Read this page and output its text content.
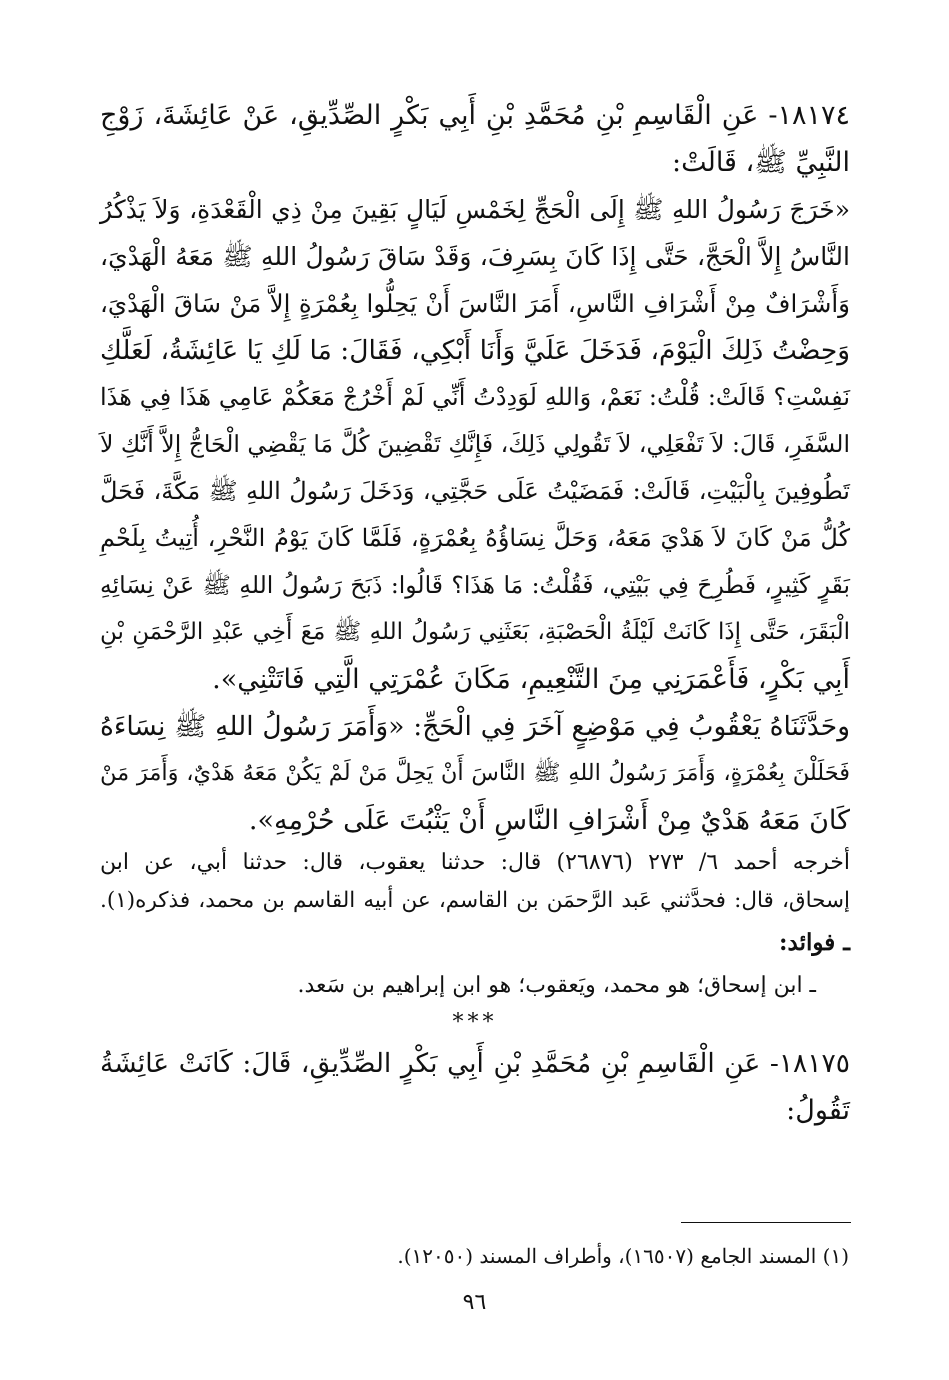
١٨١٧٤- عَنِ الْقَاسِمِ بْنِ مُحَمَّدِ بْنِ أَبِي بَكْرٍ الصِّدِّيقِ، عَنْ عَائِشَةَ، زَوْجِ
النَّبِيِّ ﷺ، قَالَتْ:
«خَرَجَ رَسُولُ اللهِ ﷺ إِلَى الْحَجِّ لِخَمْسِ لَيَالٍ بَقِينَ مِنْ ذِي الْقَعْدَةِ، وَلاَ يَذْكُرُ
النَّاسُ إِلاَّ الْحَجَّ، حَتَّى إِذَا كَانَ بِسَرِفَ، وَقَدْ سَاقَ رَسُولُ اللهِ ﷺ مَعَهُ الْهَدْيَ،
وَأَشْرَافٌ مِنْ أَشْرَافِ النَّاسِ، أَمَرَ النَّاسَ أَنْ يَحِلُّوا بِعُمْرَةٍ إِلاَّ مَنْ سَاقَ الْهَدْيَ،
وَحِضْتُ ذَلِكَ الْيَوْمَ، فَدَخَلَ عَلَيَّ وَأَنَا أَبْكِي، فَقَالَ: مَا لَكِ يَا عَائِشَةُ، لَعَلَّكِ
نَفِسْتِ؟ قَالَتْ: قُلْتُ: نَعَمْ، وَاللهِ لَوَدِدْتُ أَنِّي لَمْ أَخْرُجْ مَعَكُمْ عَامِي هَذَا فِي هَذَا
السَّفَرِ، قَالَ: لاَ تَفْعَلِي، لاَ تَقُولِي ذَلِكَ، فَإِنَّكِ تَقْضِينَ كُلَّ مَا يَقْضِي الْحَاجُّ إِلاَّ أَنَّكِ لاَ
تَطُوفِينَ بِالْبَيْتِ، قَالَتْ: فَمَضَيْتُ عَلَى حَجَّتِي، وَدَخَلَ رَسُولُ اللهِ ﷺ مَكَّةَ، فَحَلَّ
كُلُّ مَنْ كَانَ لاَ هَدْيَ مَعَهُ، وَحَلَّ نِسَاؤُهُ بِعُمْرَةٍ، فَلَمَّا كَانَ يَوْمُ النَّحْرِ، أُتِيتُ بِلَحْمِ
بَقَرٍ كَثِيرٍ، فَطُرِحَ فِي بَيْتِي، فَقُلْتُ: مَا هَذَا؟ قَالُوا: ذَبَحَ رَسُولُ اللهِ ﷺ عَنْ نِسَائِهِ
الْبَقَرَ، حَتَّى إِذَا كَانَتْ لَيْلَةُ الْحَصْبَةِ، بَعَثَنِي رَسُولُ اللهِ ﷺ مَعَ أَخِي عَبْدِ الرَّحْمَنِ بْنِ
أَبِي بَكْرٍ، فَأَعْمَرَنِي مِنَ التَّنْعِيمِ، مَكَانَ عُمْرَتِي الَّتِي فَاتَتْنِي».
وحَدَّثَنَاهُ يَعْقُوبُ فِي مَوْضِعٍ آخَرَ فِي الْحَجِّ: «وَأَمَرَ رَسُولُ اللهِ ﷺ نِسَاءَهُ
فَحَلَلْنَ بِعُمْرَةٍ، وَأَمَرَ رَسُولُ اللهِ ﷺ النَّاسَ أَنْ يَحِلَّ مَنْ لَمْ يَكُنْ مَعَهُ هَدْيٌ، وَأَمَرَ مَنْ
كَانَ مَعَهُ هَدْيٌ مِنْ أَشْرَافِ النَّاسِ أَنْ يَثْبُتَ عَلَى حُرْمِهِ».
أخرجه أحمد ٦/ ٢٧٣ (٢٦٨٧٦) قال: حدثنا يعقوب، قال: حدثنا أبي، عن ابن
إسحاق، قال: فحدَّثني عَبد الرَّحمَن بن القاسم، عن أبيه القاسم بن محمد، فذكره(١).
ـ فوائد:
ـ ابن إسحاق؛ هو محمد، ويَعقوب؛ هو ابن إبراهيم بن سَعد.
***
١٨١٧٥- عَنِ الْقَاسِمِ بْنِ مُحَمَّدِ بْنِ أَبِي بَكْرٍ الصِّدِّيقِ، قَالَ: كَانَتْ عَائِشَةُ
تَقُولُ:
(١) المسند الجامع (١٦٥٠٧)، وأطراف المسند (١٢٠٥٠).
٩٦
